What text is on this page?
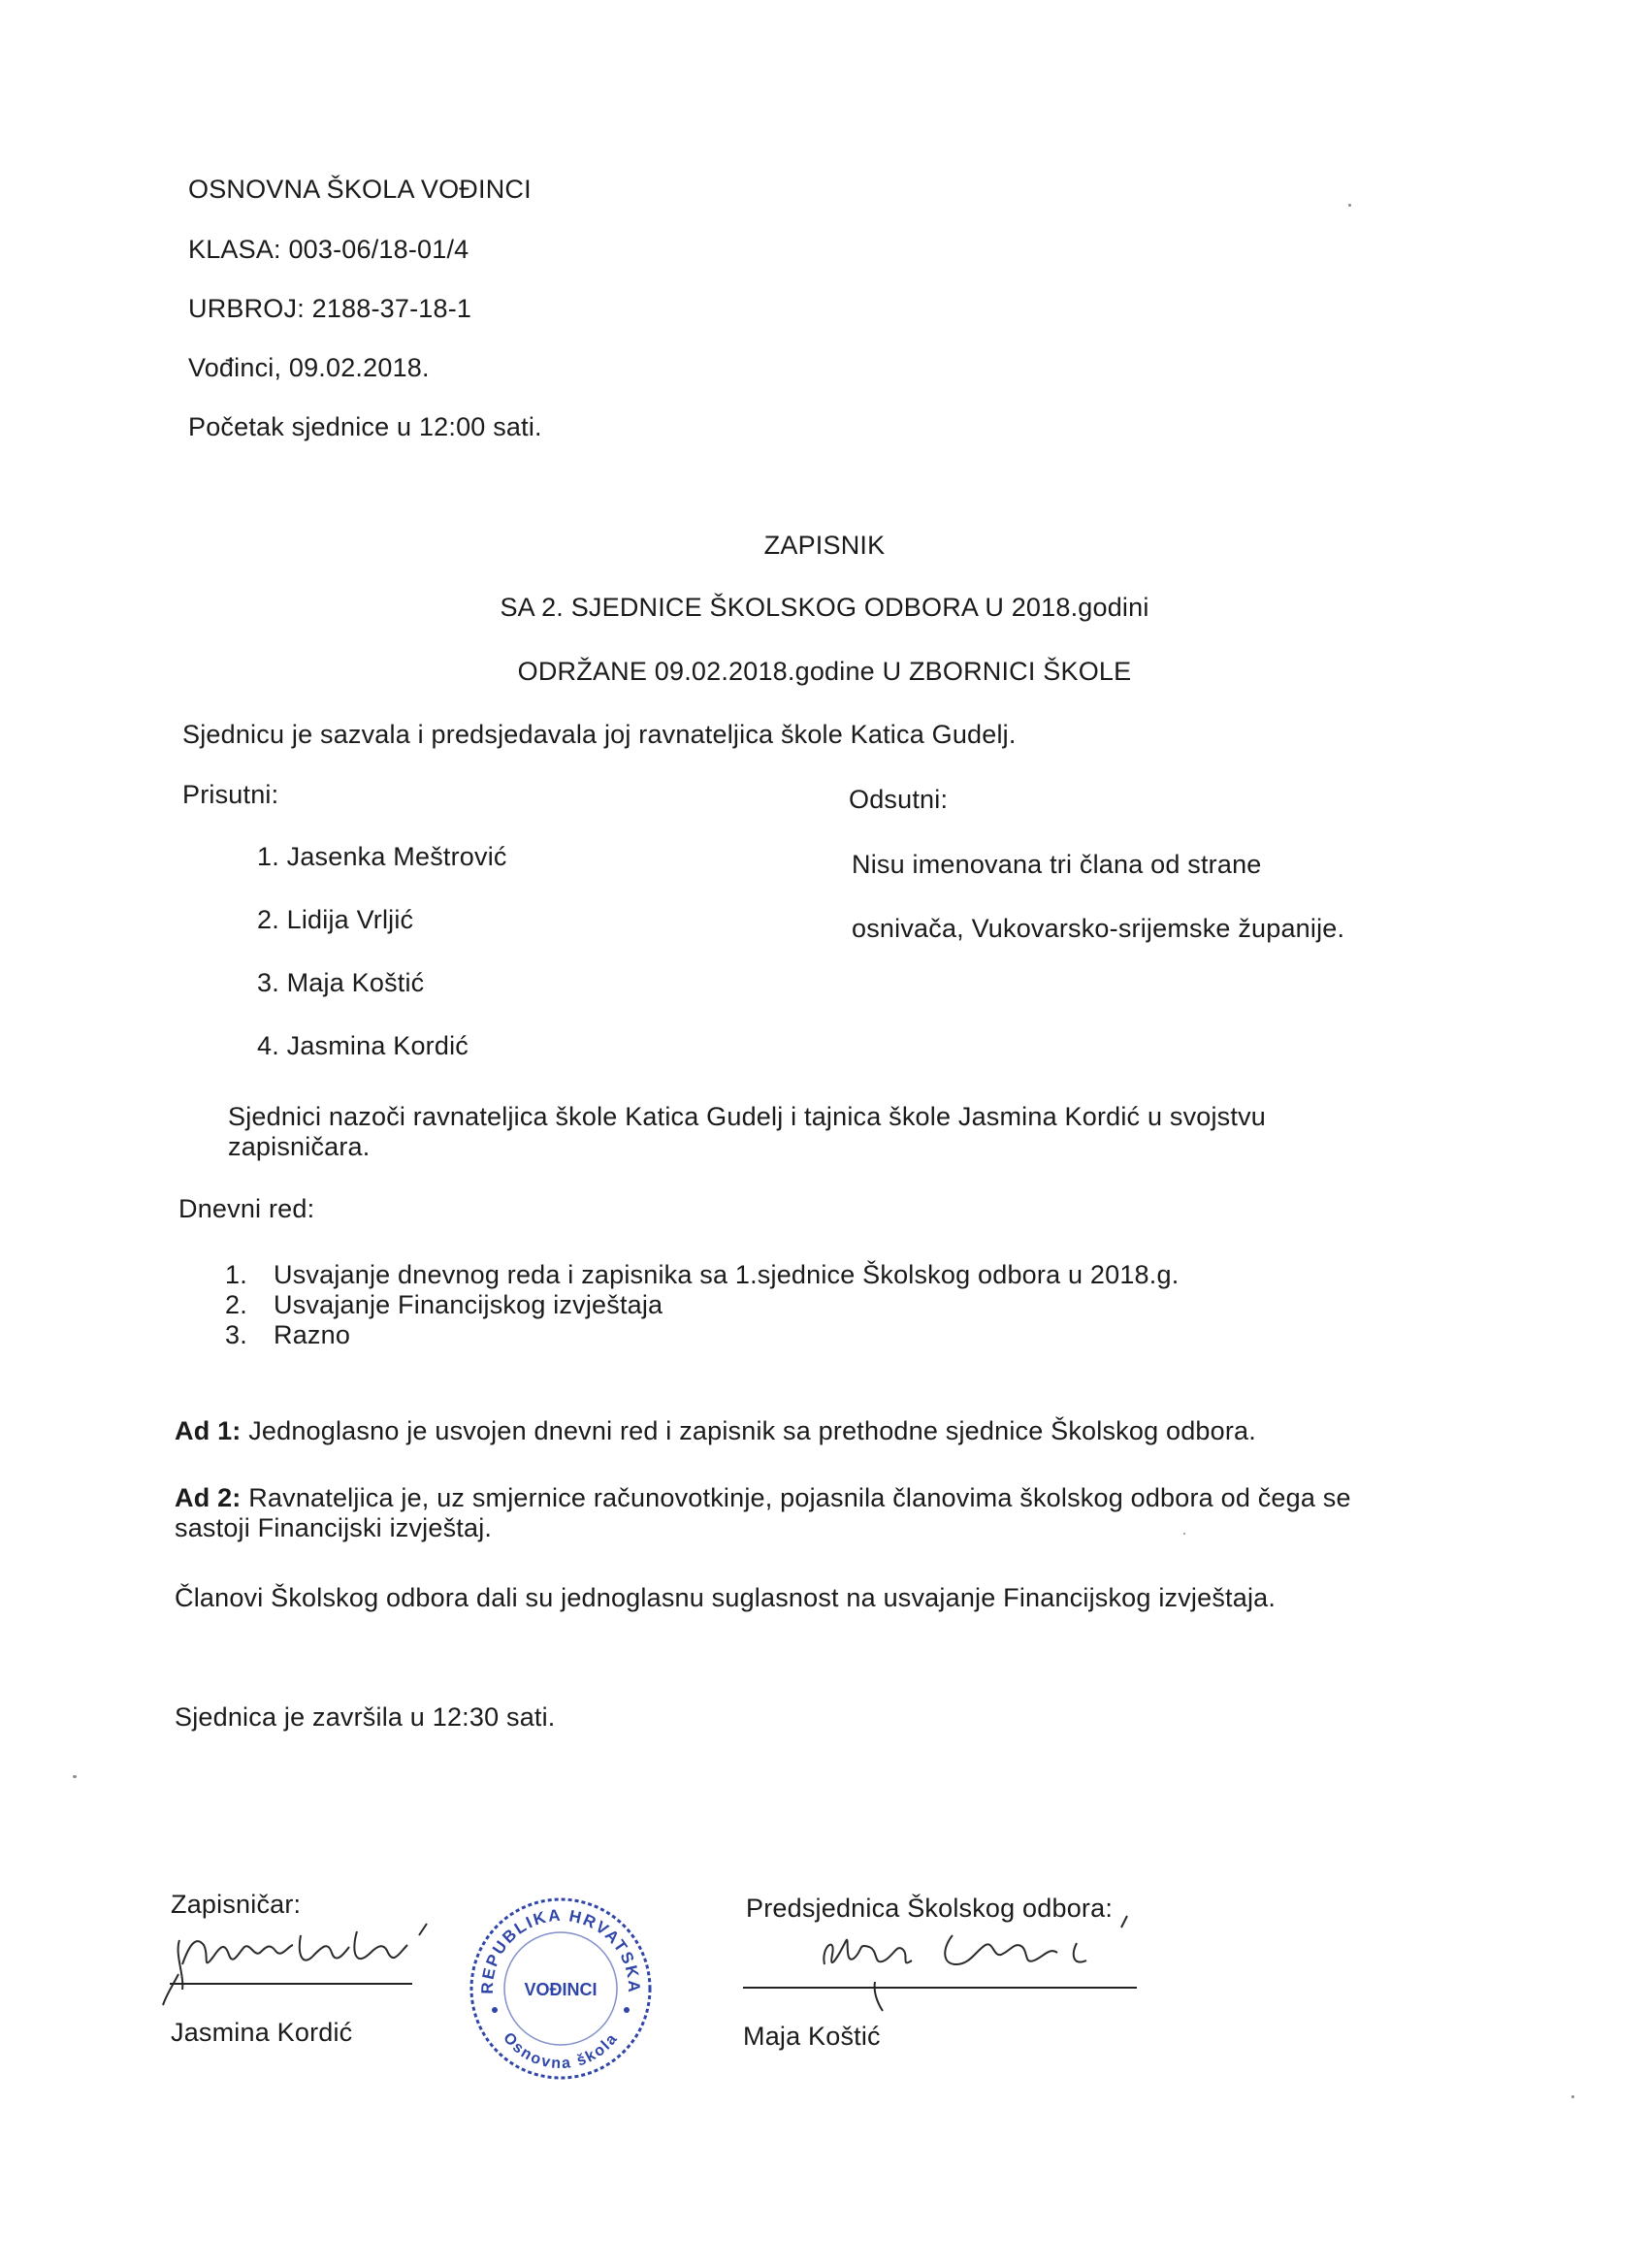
OSNOVNA ŠKOLA VOĐINCI
KLASA: 003-06/18-01/4
URBROJ: 2188-37-18-1
Vođinci, 09.02.2018.
Početak sjednice u 12:00 sati.
ZAPISNIK
SA 2. SJEDNICE ŠKOLSKOG ODBORA U 2018.godini
ODRŽANE 09.02.2018.godine U ZBORNICI ŠKOLE
Sjednicu je sazvala i predsjedavala joj ravnateljica škole Katica Gudelj.
Prisutni:	Odsutni:
1. Jasenka Meštrović
2. Lidija Vrljić
3. Maja Koštić
4. Jasmina Kordić
Nisu imenovana tri člana od strane
osnivača, Vukovarsko-srijemske županije.
Sjednici nazoči ravnateljica škole Katica Gudelj i tajnica škole Jasmina Kordić u svojstvu
zapisničara.
Dnevni red:
1. Usvajanje dnevnog reda i zapisnika sa 1.sjednice Školskog odbora u 2018.g.
2. Usvajanje Financijskog izvještaja
3. Razno
Ad 1: Jednoglasno je usvojen dnevni red i zapisnik sa prethodne sjednice Školskog odbora.
Ad 2: Ravnateljica je, uz smjernice računovotkinje, pojasnila članovima školskog odbora od čega se
sastoji Financijski izvještaj.
Članovi Školskog odbora dali su jednoglasnu suglasnost na usvajanje Financijskog izvještaja.
Sjednica je završila u 12:30 sati.
Zapisničar:
Jasmina Kordić
REPUBLIKA HRVATSKA
Osnovna škola
VOĐINCI
Predsjednica Školskog odbora:
Maja Koštić
